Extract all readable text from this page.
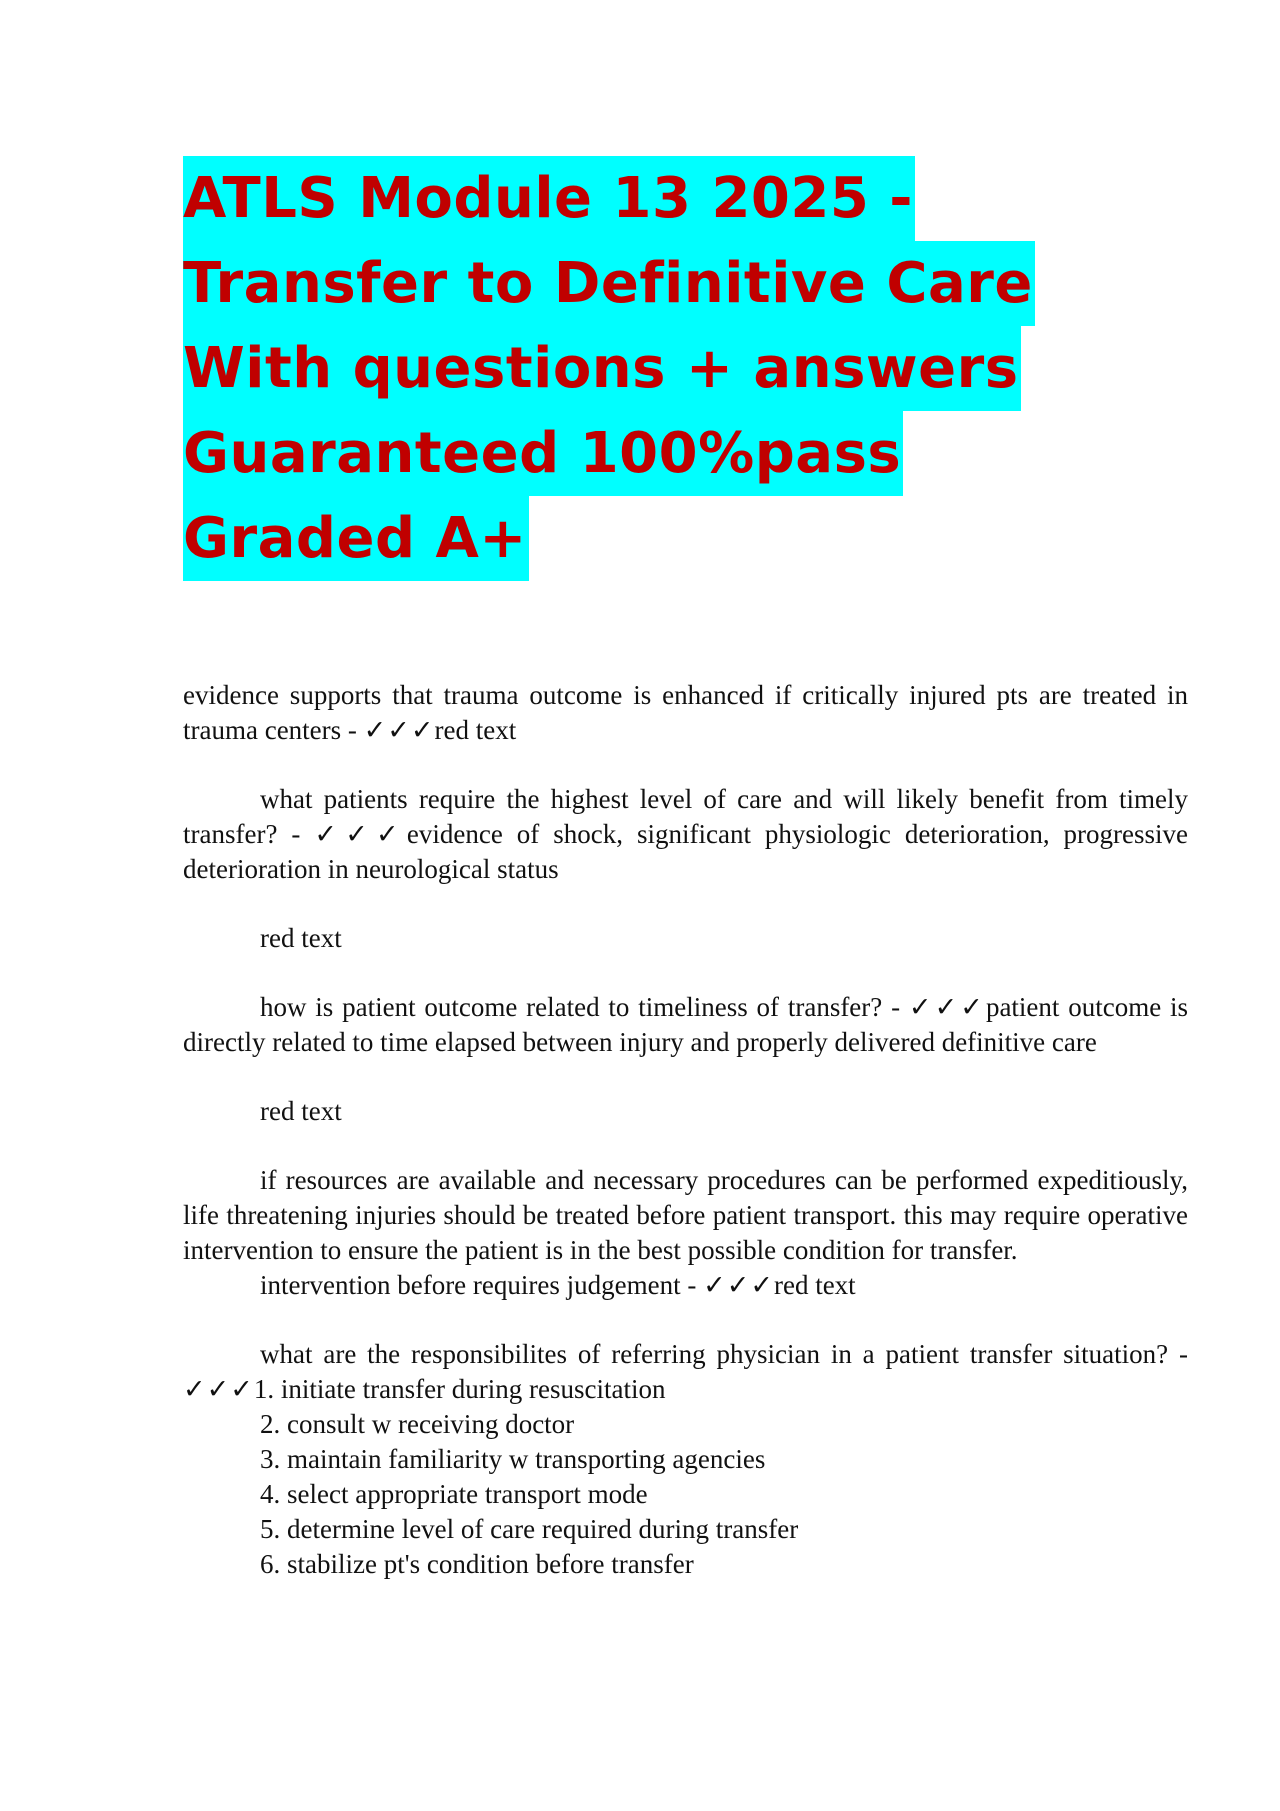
ATLS Module 13 2025 -
Transfer to Definitive Care
With questions + answers
Guaranteed 100%pass
Graded A+

evidence supports that trauma outcome is enhanced if critically injured pts are treated in trauma centers - ✓✓✓red text

what patients require the highest level of care and will likely benefit from timely transfer? - ✓✓✓evidence of shock, significant physiologic deterioration, progressive deterioration in neurological status

red text

how is patient outcome related to timeliness of transfer? - ✓✓✓patient outcome is directly related to time elapsed between injury and properly delivered definitive care

red text

if resources are available and necessary procedures can be performed expeditiously, life threatening injuries should be treated before patient transport. this may require operative intervention to ensure the patient is in the best possible condition for transfer.

intervention before requires judgement - ✓✓✓red text

what are the responsibilites of referring physician in a patient transfer situation? - ✓✓✓1. initiate transfer during resuscitation

2. consult w receiving doctor

3. maintain familiarity w transporting agencies

4. select appropriate transport mode

5. determine level of care required during transfer

6. stabilize pt's condition before transfer
